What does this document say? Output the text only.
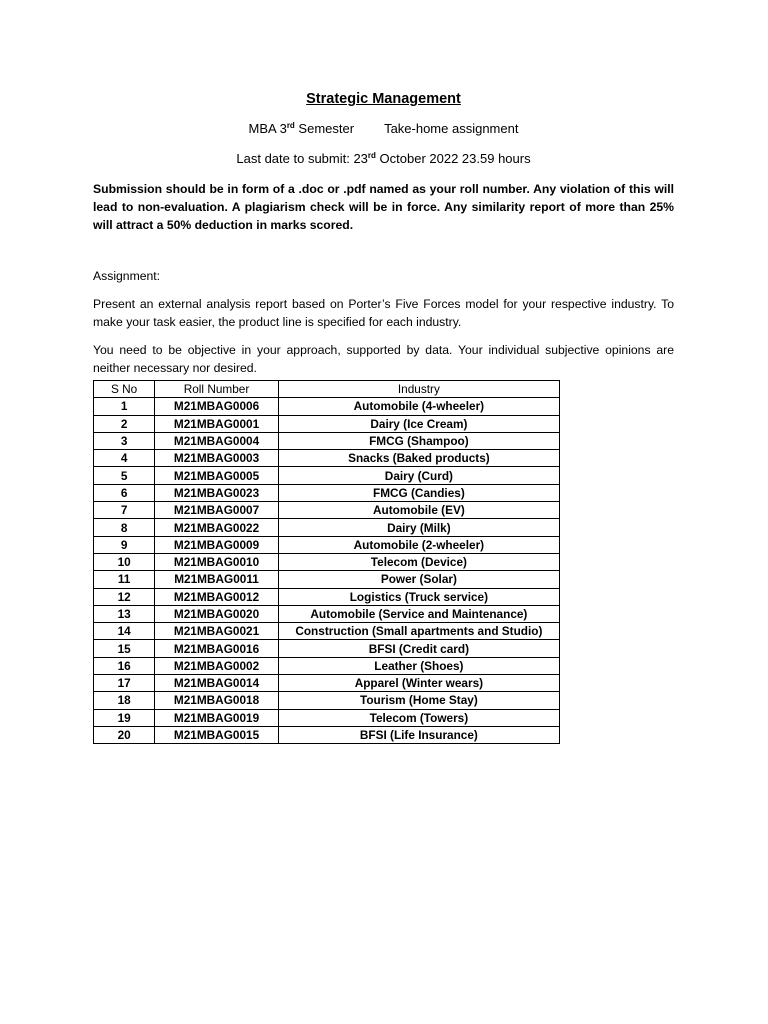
Strategic Management
MBA 3rd Semester Take-home assignment
Last date to submit: 23rd October 2022 23.59 hours

Submission should be in form of a .doc or .pdf named as your roll number. Any violation of this will lead to non-evaluation. A plagiarism check will be in force. Any similarity report of more than 25% will attract a 50% deduction in marks scored.

Assignment:

Present an external analysis report based on Porter’s Five Forces model for your respective industry. To make your task easier, the product line is specified for each industry.

You need to be objective in your approach, supported by data. Your individual subjective opinions are neither necessary nor desired.

S No	Roll Number	Industry
1	M21MBAG0006	Automobile (4-wheeler)
2	M21MBAG0001	Dairy (Ice Cream)
3	M21MBAG0004	FMCG (Shampoo)
4	M21MBAG0003	Snacks (Baked products)
5	M21MBAG0005	Dairy (Curd)
6	M21MBAG0023	FMCG (Candies)
7	M21MBAG0007	Automobile (EV)
8	M21MBAG0022	Dairy (Milk)
9	M21MBAG0009	Automobile (2-wheeler)
10	M21MBAG0010	Telecom (Device)
11	M21MBAG0011	Power (Solar)
12	M21MBAG0012	Logistics (Truck service)
13	M21MBAG0020	Automobile (Service and Maintenance)
14	M21MBAG0021	Construction (Small apartments and Studio)
15	M21MBAG0016	BFSI (Credit card)
16	M21MBAG0002	Leather (Shoes)
17	M21MBAG0014	Apparel (Winter wears)
18	M21MBAG0018	Tourism (Home Stay)
19	M21MBAG0019	Telecom (Towers)
20	M21MBAG0015	BFSI (Life Insurance)
